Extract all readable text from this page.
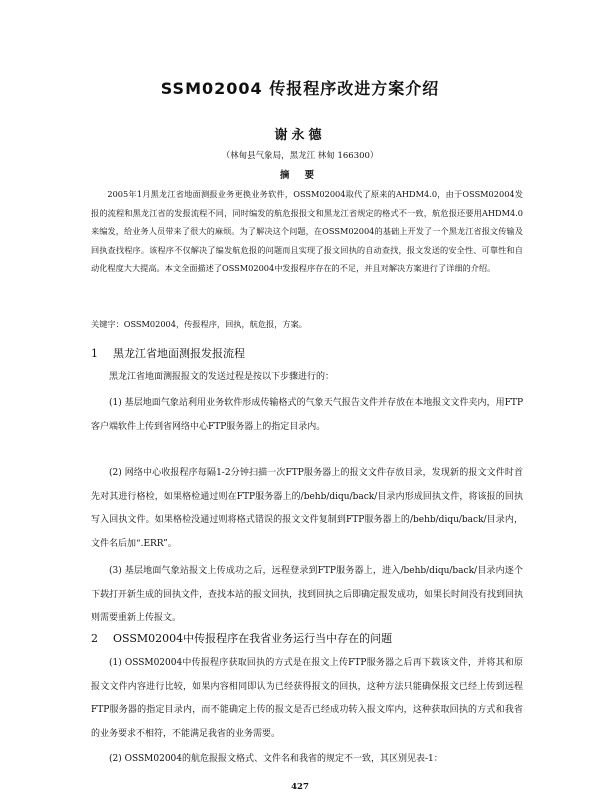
SSM02004 传报程序改进方案介绍
谢永德
（林甸县气象局，黑龙江 林甸 166300）
摘 要
2005年1月黑龙江省地面测报业务更换业务软件，OSSM02004取代了原来的AHDM4.0，由于OSSM02004发报的流程和黑龙江省的发报流程不同，同时编发的航危报报文和黑龙江省规定的格式不一致，航危报还要用AHDM4.0来编发，给业务人员带来了很大的麻烦。为了解决这个问题，在OSSM02004的基础上开发了一个黑龙江省报文传输及回执查找程序。该程序不仅解决了编发航危报的问题而且实现了报文回执的自动查找，报文发送的安全性、可靠性和自动化程度大大提高。本文全面描述了OSSM02004中发报程序存在的不足，并且对解决方案进行了详细的介绍。
关键字：OSSM02004，传报程序，回执，航危报，方案。
1 黑龙江省地面测报发报流程
黑龙江省地面测报报文的发送过程是按以下步骤进行的：
(1) 基层地面气象站利用业务软件形成传输格式的气象天气报告文件并存放在本地报文文件夹内，用FTP客户端软件上传到省网络中心FTP服务器上的指定目录内。
(2) 网络中心收报程序每隔1-2分钟扫描一次FTP服务器上的报文文件存放目录，发现新的报文文件时首先对其进行格检，如果格检通过则在FTP服务器上的/behb/diqu/back/目录内形成回执文件，将该报的回执写入回执文件。如果格检没通过则将格式错误的报文文件复制到FTP服务器上的/behb/diqu/back/目录内，文件名后加“.ERR”。
(3) 基层地面气象站报文上传成功之后，远程登录到FTP服务器上，进入/behb/diqu/back/目录内逐个下载打开新生成的回执文件，查找本站的报文回执，找到回执之后即确定报发成功，如果长时间没有找到回执则需要重新上传报文。
2 OSSM02004中传报程序在我省业务运行当中存在的问题
(1) OSSM02004中传报程序获取回执的方式是在报文上传FTP服务器之后再下载该文件，并将其和原报文文件内容进行比较，如果内容相同即认为已经获得报文的回执，这种方法只能确保报文已经上传到远程FTP服务器的指定目录内，而不能确定上传的报文是否已经成功转入报文库内，这种获取回执的方式和我省的业务要求不相符，不能满足我省的业务需要。
(2) OSSM02004的航危报报文格式、文件名和我省的规定不一致，其区别见表-1：
427
